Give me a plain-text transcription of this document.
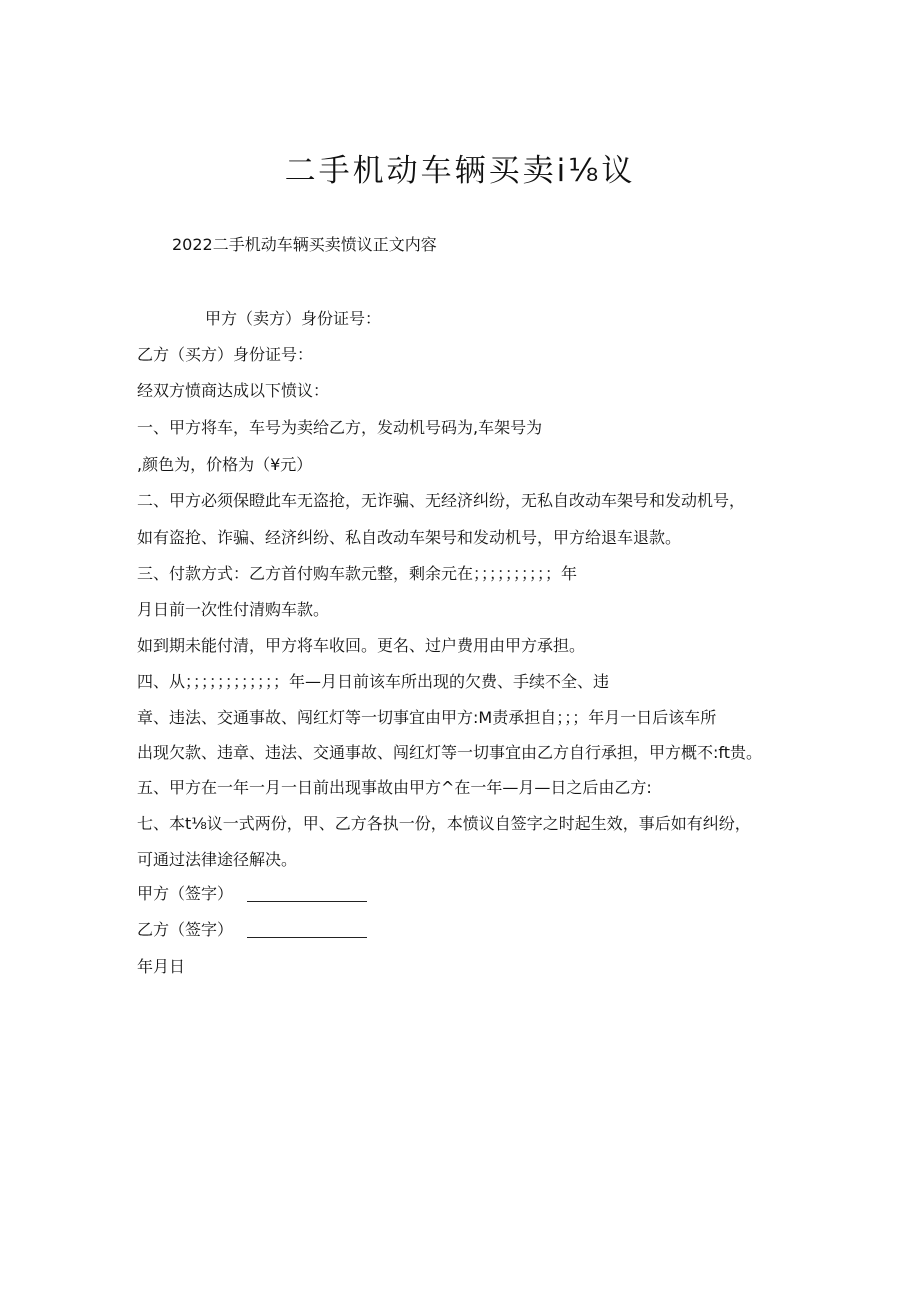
二手机动车辆买卖i⅛议
2022二手机动车辆买卖愤议正文内容
甲方（卖方）身份证号：
乙方（买方）身份证号：
经双方愤商达成以下愤议：
一、甲方将车，车号为卖给乙方，发动机号码为,车架号为
,颜色为，价格为（¥元）
二、甲方必须保瞪此车无盗抢，无诈骗、无经济纠纷，无私自改动车架号和发动机号，
如有盗抢、诈骗、经济纠纷、私自改动车架号和发动机号，甲方给退车退款。
三、付款方式：乙方首付购车款元整，剩余元在；；；；；；；；；；年
月日前一次性付清购车款。
如到期未能付清，甲方将车收回。更名、过户费用由甲方承担。
四、从；；；；；；；；；；；；年—月日前该车所出现的欠费、手续不全、违
章、违法、交通事故、闯红灯等一切事宜由甲方:M责承担自；；；年月一日后该车所
出现欠款、违章、违法、交通事故、闯红灯等一切事宜由乙方自行承担，甲方概不:ft贵。
五、甲方在一年一月一日前出现事故由甲方^在一年—月—日之后由乙方:
七、本t⅛议一式两份，甲、乙方各执一份，本愤议自签字之时起生效，事后如有纠纷，
可通过法律途径解决。
甲方（签字）
乙方（签字）
年月日
